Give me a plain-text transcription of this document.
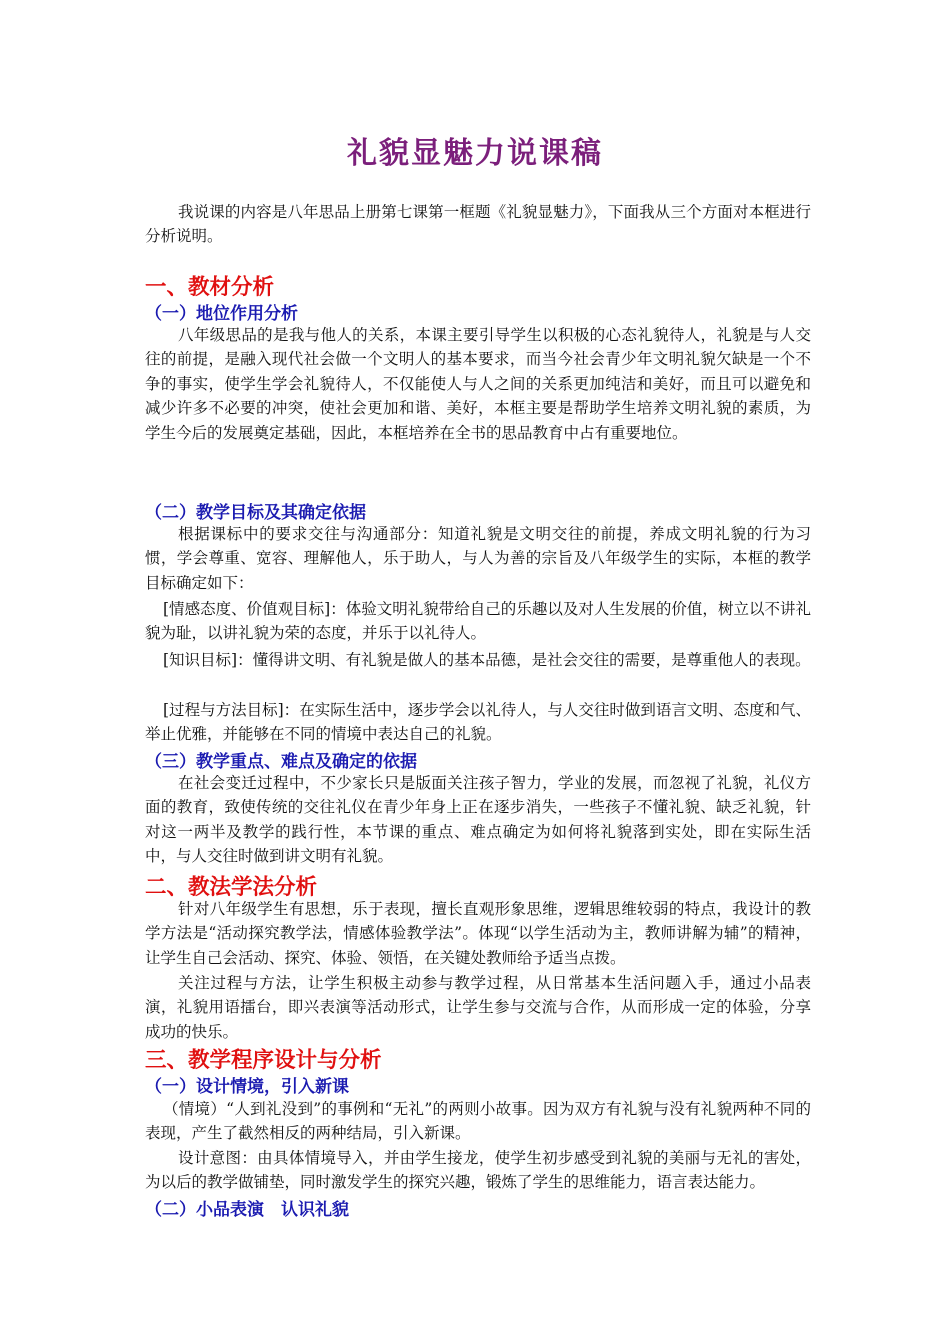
礼貌显魅力说课稿

我说课的内容是八年思品上册第七课第一框题《礼貌显魅力》，下面我从三个方面对本框进行分析说明。

一、教材分析
（一）地位作用分析

八年级思品的是我与他人的关系，本课主要引导学生以积极的心态礼貌待人，礼貌是与人交往的前提，是融入现代社会做一个文明人的基本要求，而当今社会青少年文明礼貌欠缺是一个不争的事实，使学生学会礼貌待人，不仅能使人与人之间的关系更加纯洁和美好，而且可以避免和减少许多不必要的冲突，使社会更加和谐、美好，本框主要是帮助学生培养文明礼貌的素质，为学生今后的发展奠定基础，因此，本框培养在全书的思品教育中占有重要地位。

（二）教学目标及其确定依据

根据课标中的要求交往与沟通部分：知道礼貌是文明交往的前提，养成文明礼貌的行为习惯，学会尊重、宽容、理解他人，乐于助人，与人为善的宗旨及八年级学生的实际，本框的教学目标确定如下：

[情感态度、价值观目标]：体验文明礼貌带给自己的乐趣以及对人生发展的价值，树立以不讲礼貌为耻，以讲礼貌为荣的态度，并乐于以礼待人。

[知识目标]：懂得讲文明、有礼貌是做人的基本品德，是社会交往的需要，是尊重他人的表现。

[过程与方法目标]：在实际生活中，逐步学会以礼待人，与人交往时做到语言文明、态度和气、举止优雅，并能够在不同的情境中表达自己的礼貌。

（三）教学重点、难点及确定的依据

在社会变迁过程中，不少家长只是版面关注孩子智力，学业的发展，而忽视了礼貌，礼仪方面的教育，致使传统的交往礼仪在青少年身上正在逐步消失，一些孩子不懂礼貌、缺乏礼貌，针对这一两半及教学的践行性，本节课的重点、难点确定为如何将礼貌落到实处，即在实际生活中，与人交往时做到讲文明有礼貌。

二、教法学法分析

针对八年级学生有思想，乐于表现，擅长直观形象思维，逻辑思维较弱的特点，我设计的教学方法是“活动探究教学法，情感体验教学法”。体现“以学生活动为主，教师讲解为辅”的精神，让学生自己会活动、探究、体验、领悟，在关键处教师给予适当点拨。

关注过程与方法，让学生积极主动参与教学过程，从日常基本生活问题入手，通过小品表演，礼貌用语擂台，即兴表演等活动形式，让学生参与交流与合作，从而形成一定的体验，分享成功的快乐。

三、教学程序设计与分析
（一）设计情境，引入新课

（情境）“人到礼没到”的事例和“无礼”的两则小故事。因为双方有礼貌与没有礼貌两种不同的表现，产生了截然相反的两种结局，引入新课。

设计意图：由具体情境导入，并由学生接龙，使学生初步感受到礼貌的美丽与无礼的害处，为以后的教学做铺垫，同时激发学生的探究兴趣，锻炼了学生的思维能力，语言表达能力。

（二）小品表演　认识礼貌
